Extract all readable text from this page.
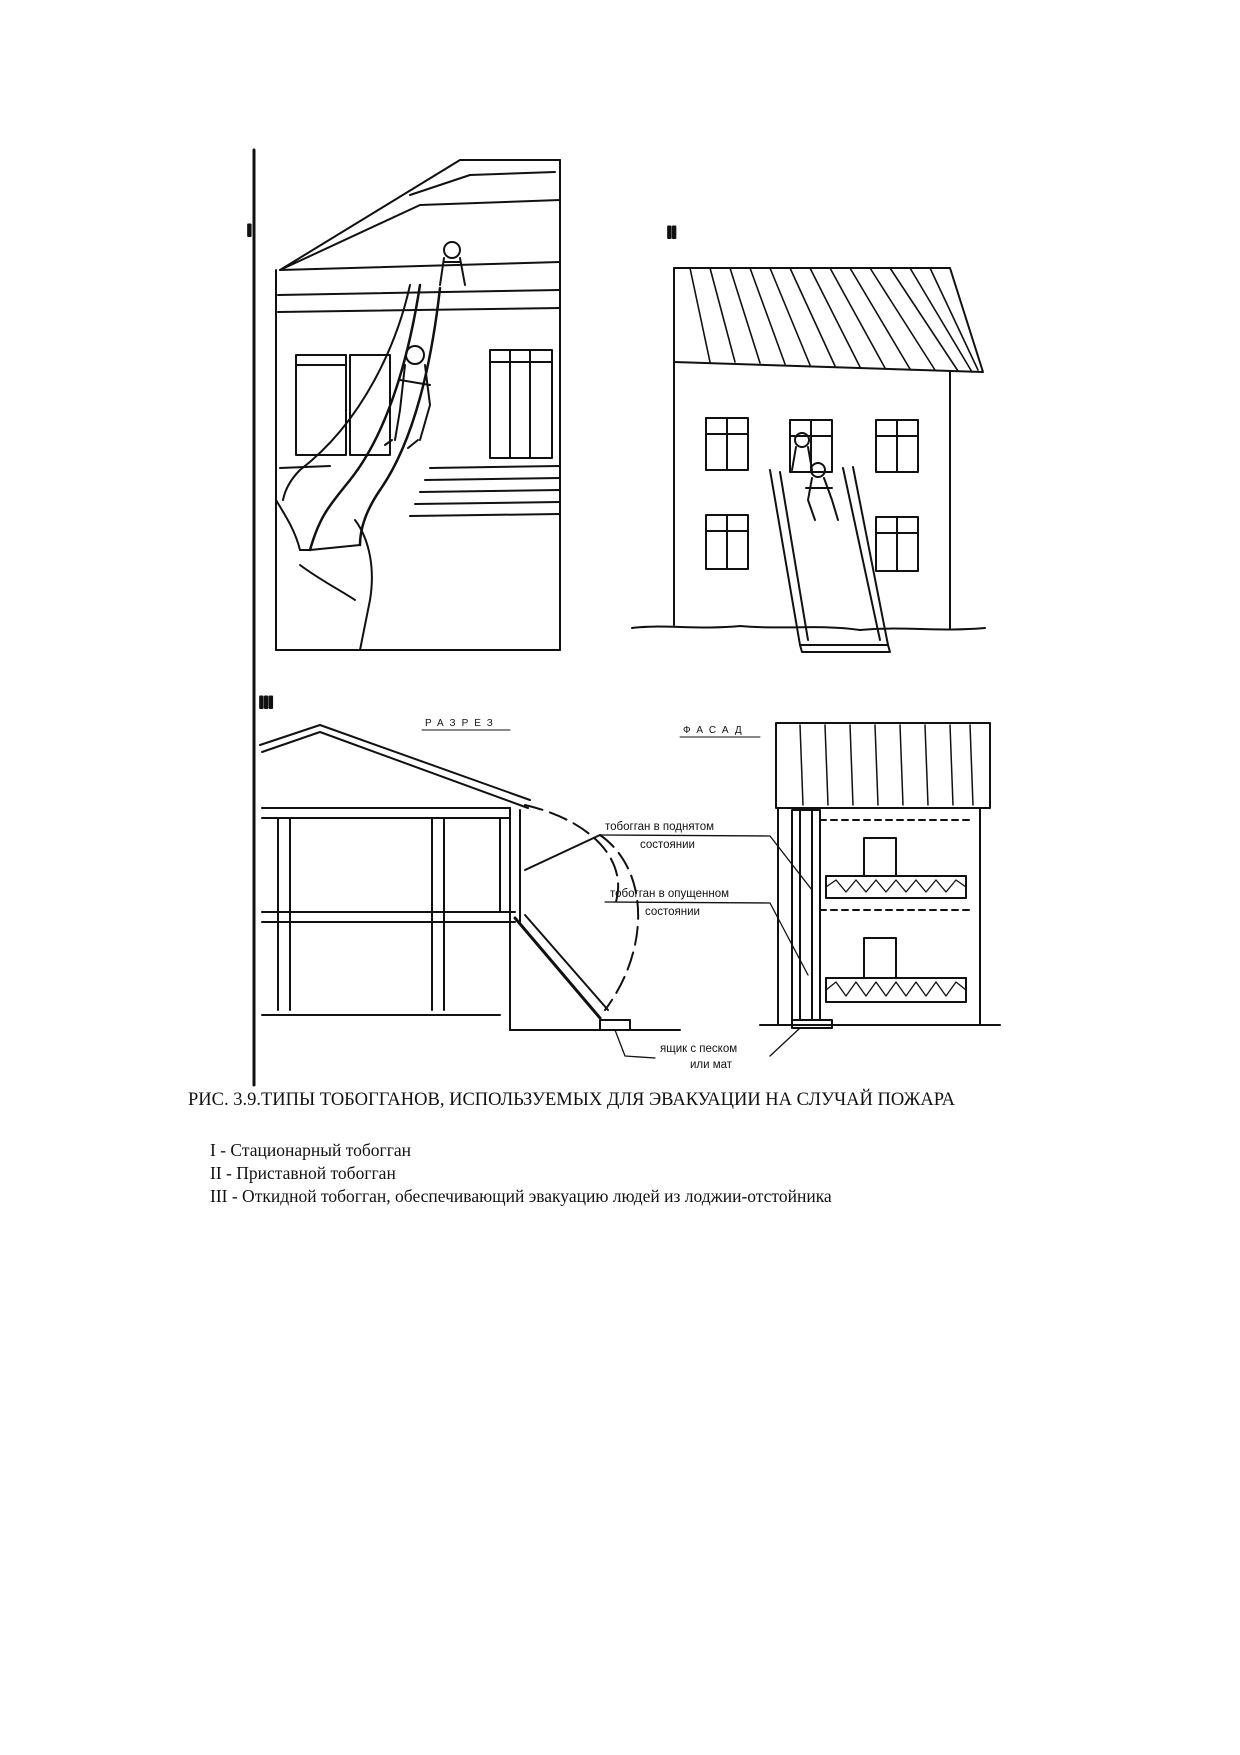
I	II
III
РАЗРЕЗ
ФАСАД
тобогган в поднятом
состоянии
тобогган в опущенном
состоянии
ящик с песком
или мат

РИС. 3.9.ТИПЫ ТОБОГГАНОВ, ИСПОЛЬЗУЕМЫХ ДЛЯ ЭВАКУАЦИИ НА СЛУЧАЙ ПОЖАРА

I - Стационарный тобогган
II - Приставной тобогган
III - Откидной тобогган, обеспечивающий эвакуацию людей из лоджии-отстойника
